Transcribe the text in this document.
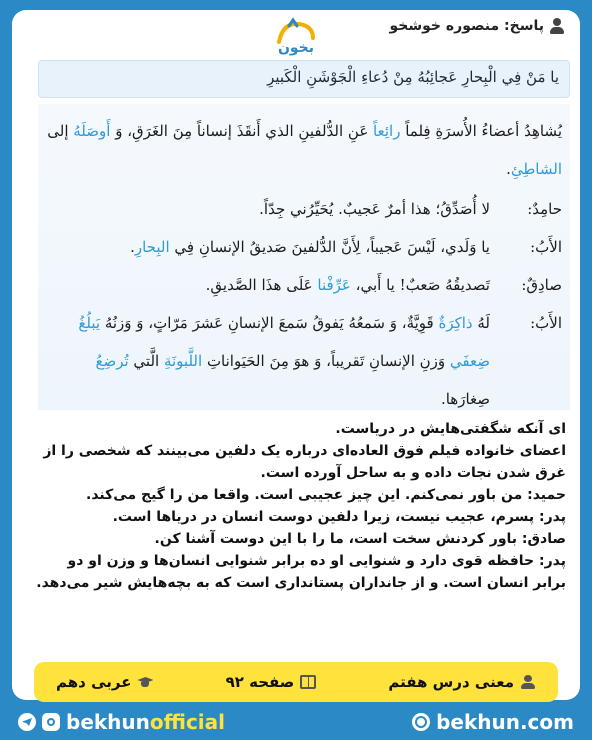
پاسخ: منصوره خوشخو
بخون
يا مَنْ فِي الْبِحارِ عَجائِبُهُ مِنْ دُعاءِ الْجَوْشَنِ الْكَبيرِ
يُشاهِدُ أعضاءُ الأُسرَةِ فِلماً رائِعاً عَنِ الدُّلفينِ الذي أَنقَذَ إنساناً مِنَ الغَرَقِ، وَ أَوصَلَهُ إلى الشاطِئِ.
حامِدٌ:
لا أُصَدِّقُ؛ هذا أمرٌ عَجيبٌ. يُحَيِّرُني جِدّاً.
الأَبُ:
يا وَلَدي، لَيْسَ عَجيباً، لِأَنَّ الدُّلفينَ صَديقُ الإنسانِ فِي البِحارِ.
صادِقٌ:
تَصديقُهُ صَعبٌ! يا أَبي، عَرِّفْنا عَلَى هذَا الصَّديقِ.
الأَبُ:
لَهُ ذاكِرَةٌ قَوِيَّةٌ، وَ سَمعُهُ يَفوقُ سَمعَ الإنسانِ عَشرَ مَرّاتٍ، وَ وَزنُهُ يَبلُغُ ضِعفَي وَزنِ الإنسانِ تَقريباً، وَ هوَ مِنَ الحَيَواناتِ اللَّبونَةِ الَّتي تُرضِعُ صِغارَها.

ای آنکه شگفتی‌هایش در دریاست.

اعضای خانواده فیلم فوق العاده‌ای درباره یک دلفین می‌بینند که شخصی را از غرق شدن نجات داده و به ساحل آورده است.

حمید: من باور نمی‌کنم. این چیز عجیبی است. واقعا من را گیج می‌کند.

پدر: پسرم، عجیب نیست، زیرا دلفین دوست انسان در دریاها است.

صادق: باور کردنش سخت است، ما را با این دوست آشنا کن.

پدر: حافظه قوی دارد و شنوایی او ده برابر شنوایی انسان‌ها و وزن او دو برابر انسان است. و از جانداران پستانداری است که به بچه‌هایش شیر می‌دهد.

معنی درس هفتم
صفحه ۹۲
عربی دهم
bekhunofficial	bekhun.com
